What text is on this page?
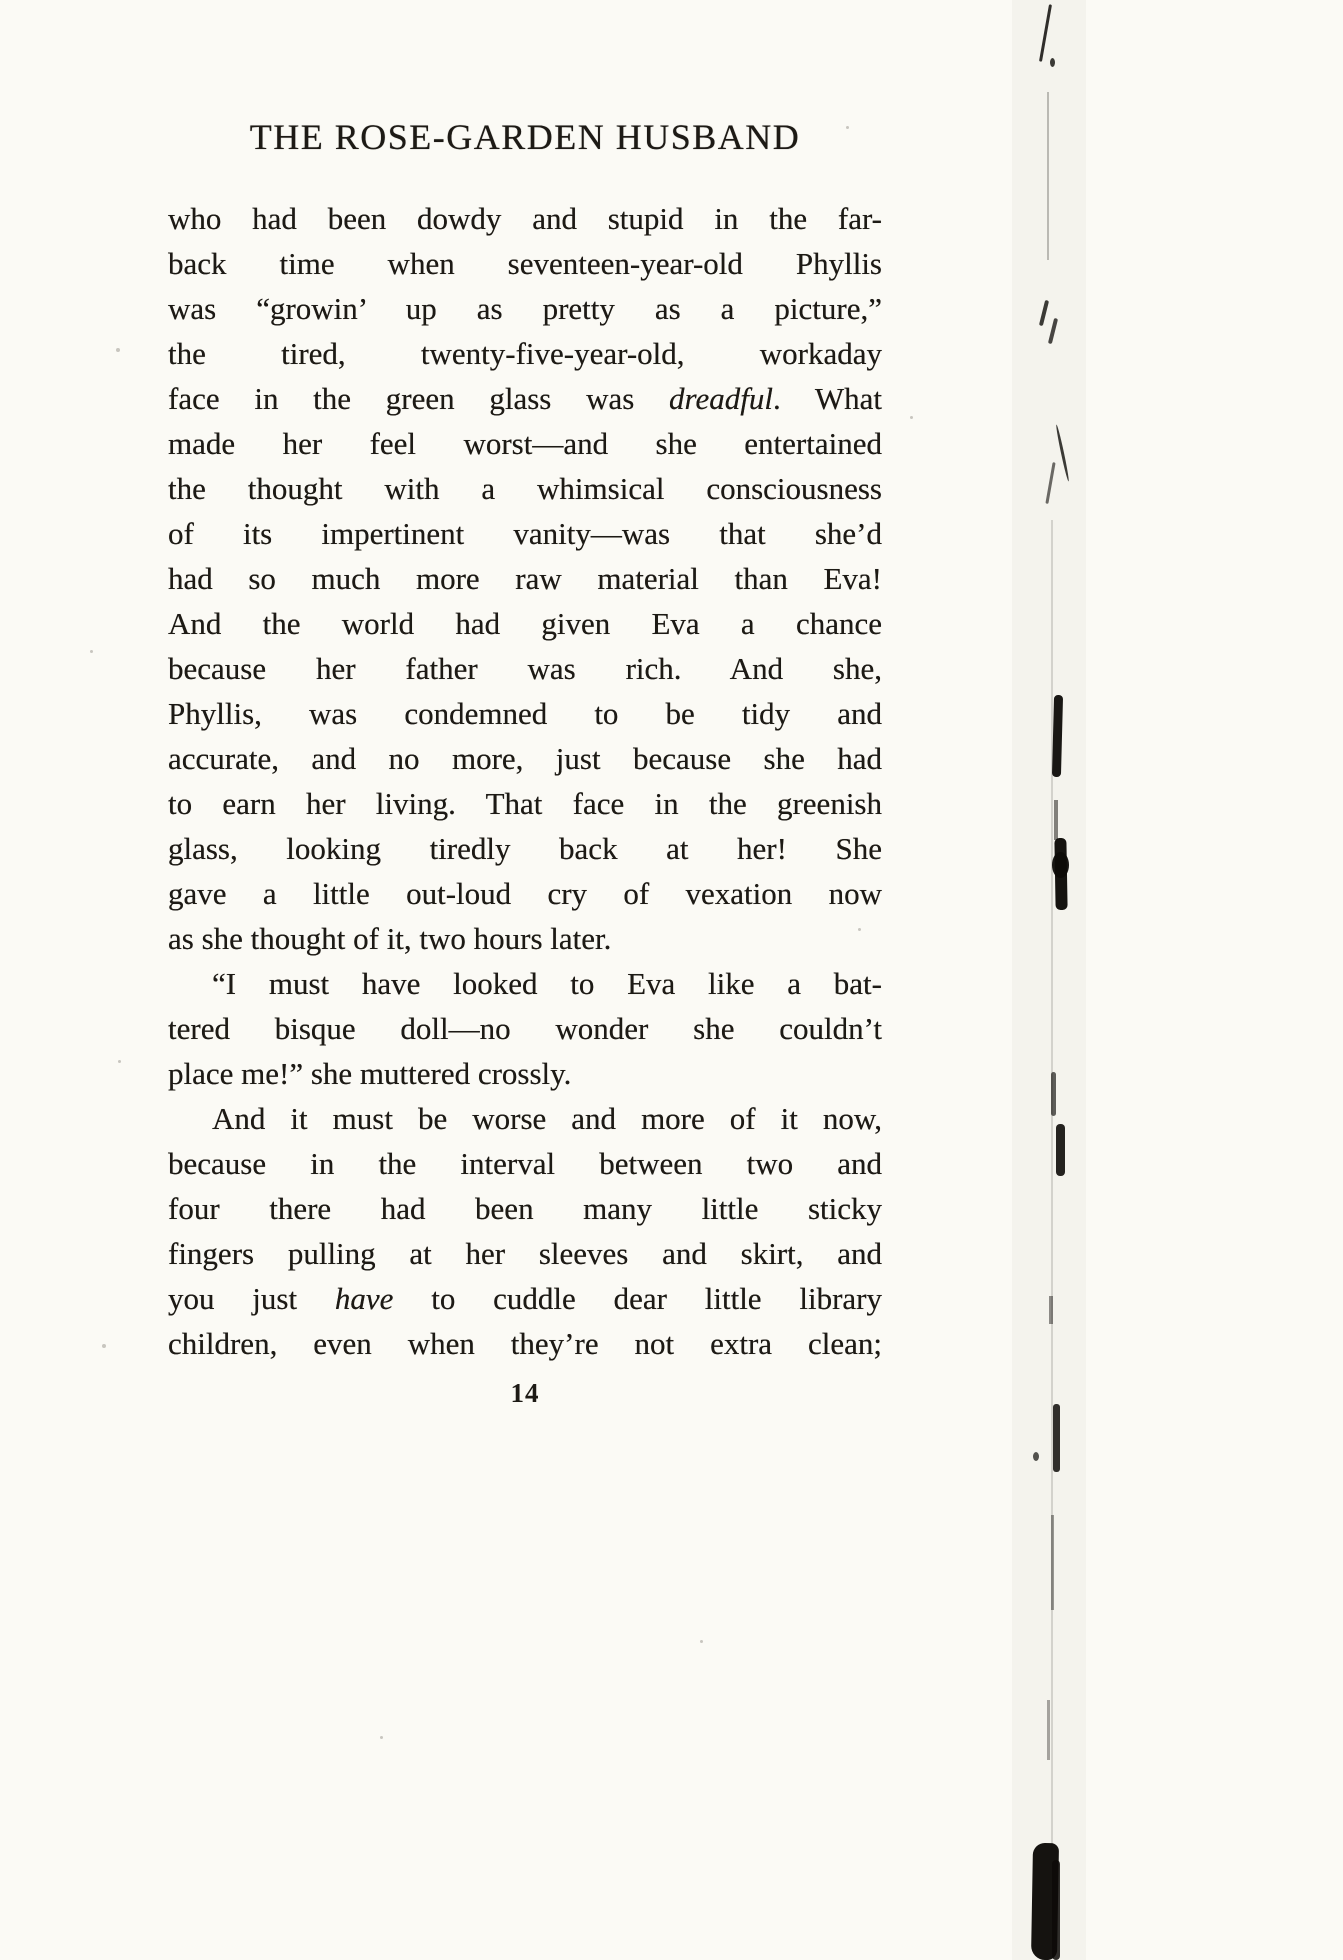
THE ROSE-GARDEN HUSBAND
who had been dowdy and stupid in the far-
back time when seventeen-year-old Phyllis
was “growin’ up as pretty as a picture,”
the tired, twenty-five-year-old, workaday
face in the green glass was dreadful. What
made her feel worst—and she entertained
the thought with a whimsical consciousness
of its impertinent vanity—was that she’d
had so much more raw material than Eva!
And the world had given Eva a chance
because her father was rich. And she,
Phyllis, was condemned to be tidy and
accurate, and no more, just because she had
to earn her living. That face in the greenish
glass, looking tiredly back at her! She
gave a little out-loud cry of vexation now
as she thought of it, two hours later.
“I must have looked to Eva like a bat-
tered bisque doll—no wonder she couldn’t
place me!” she muttered crossly.
And it must be worse and more of it now,
because in the interval between two and
four there had been many little sticky
fingers pulling at her sleeves and skirt, and
you just have to cuddle dear little library
children, even when they’re not extra clean;
14
